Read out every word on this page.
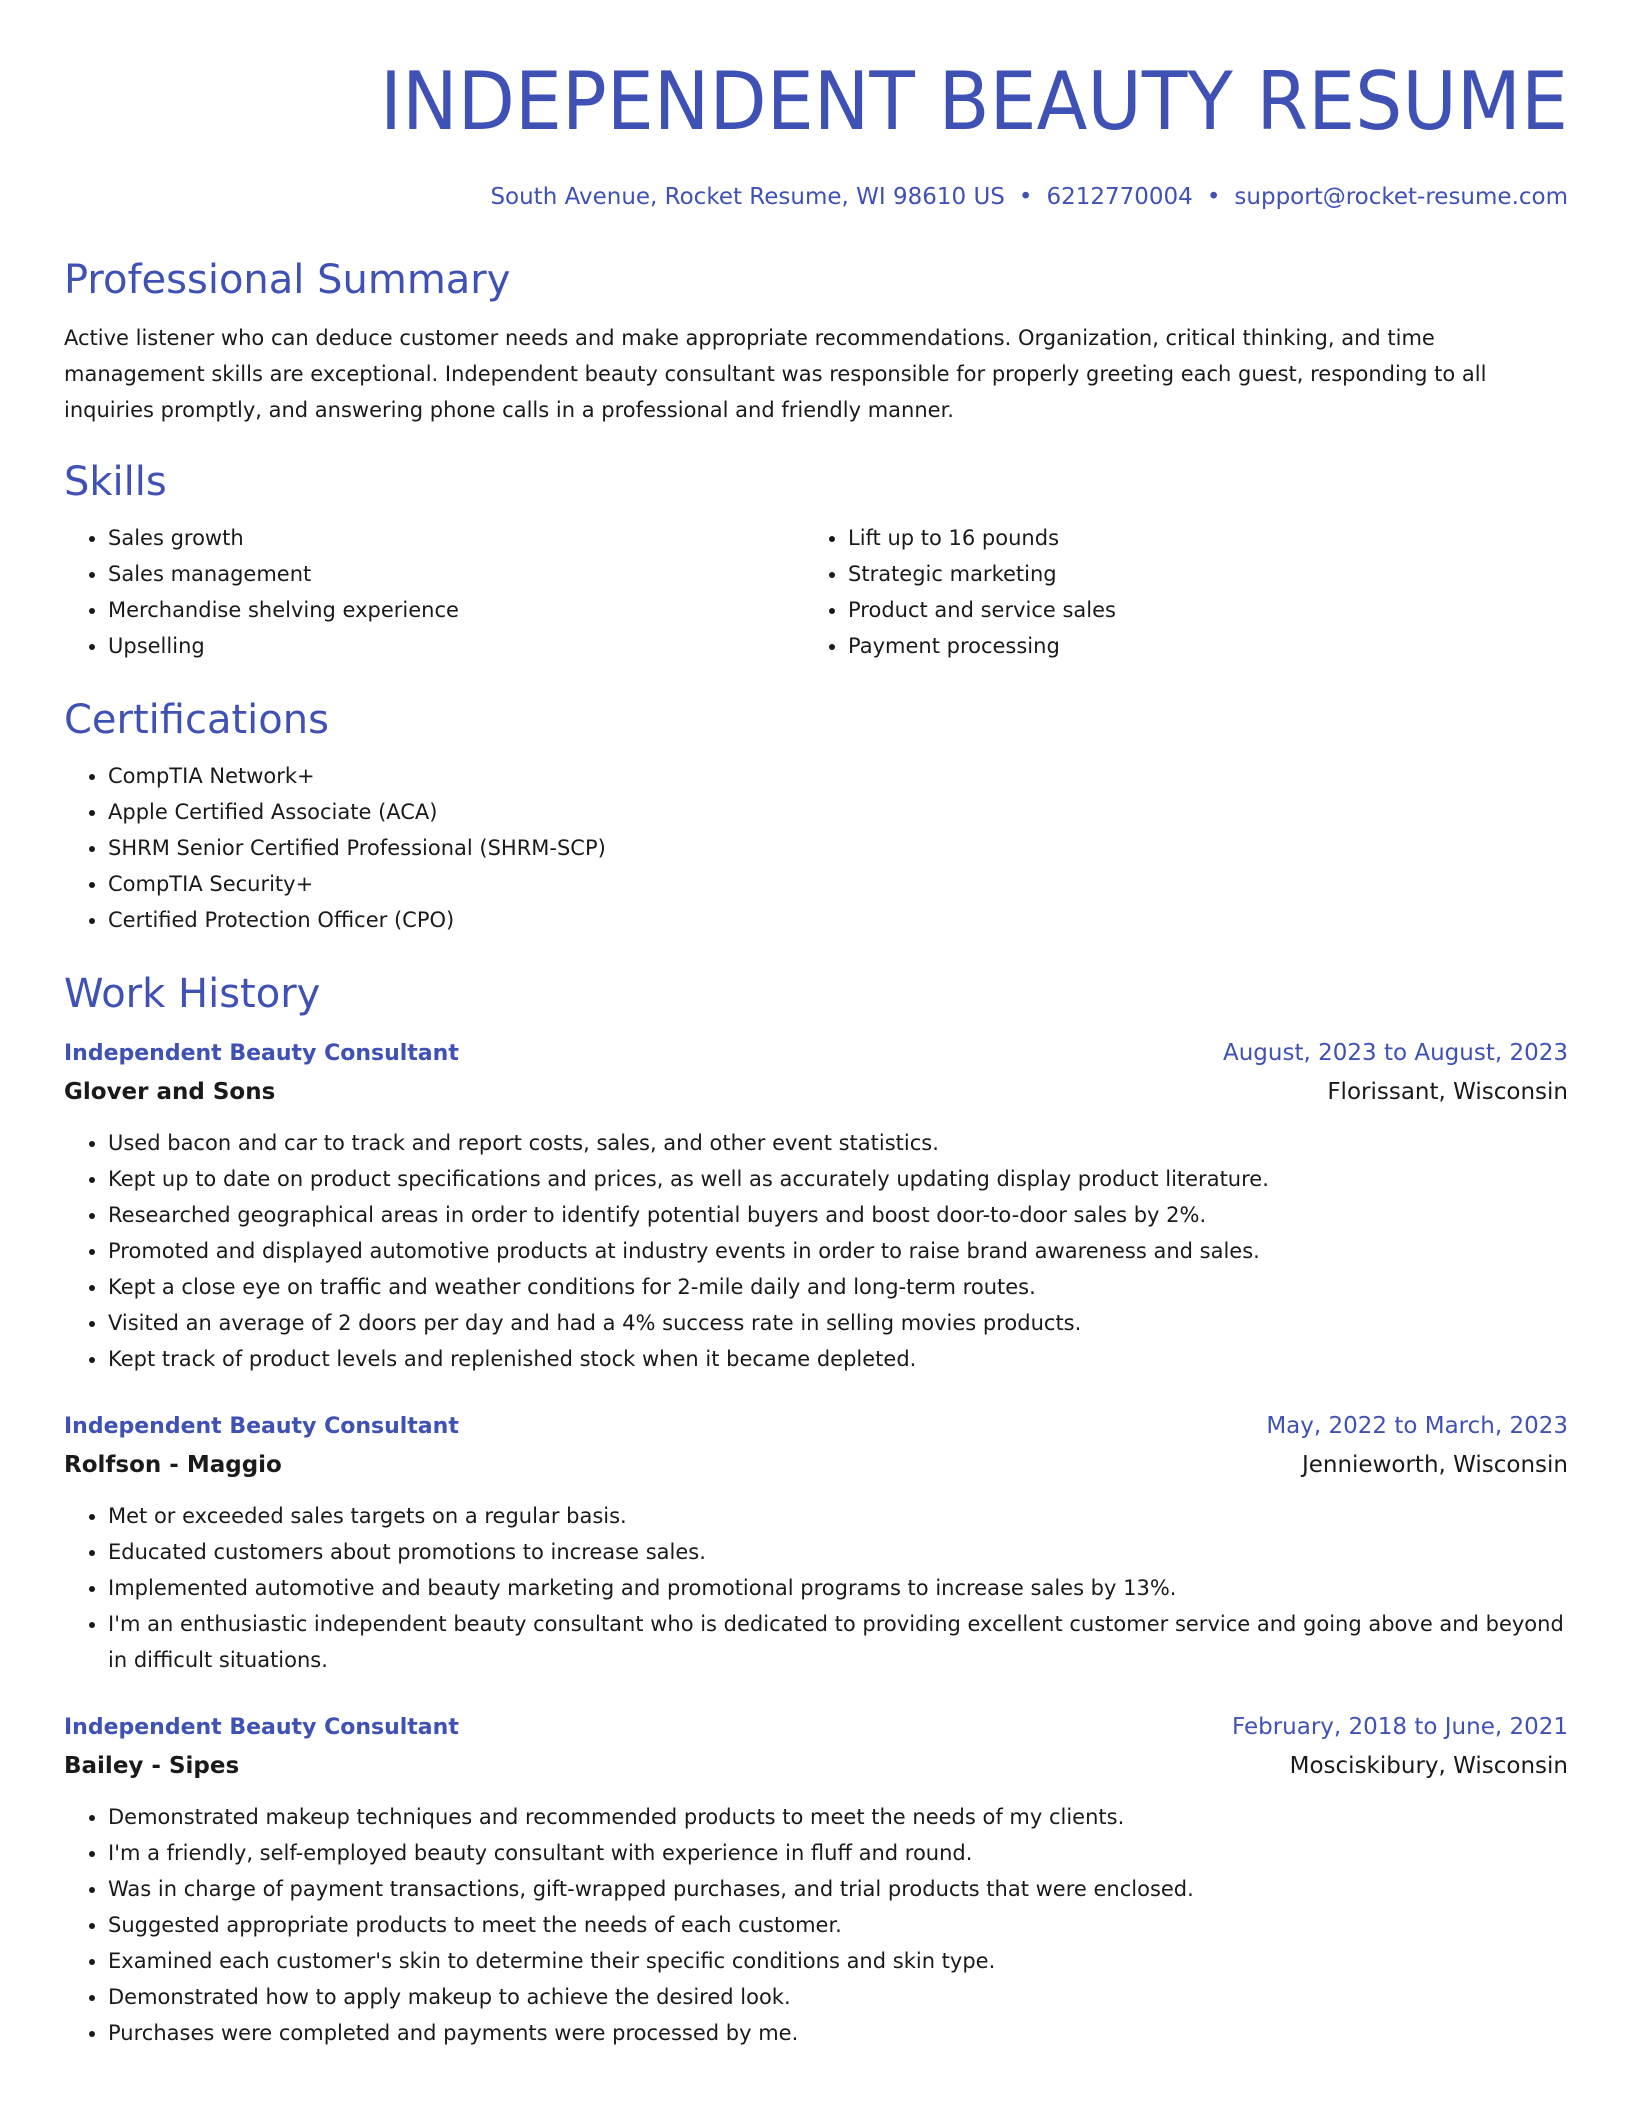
INDEPENDENT BEAUTY RESUME
South Avenue, Rocket Resume, WI 98610 US • 6212770004 • support@rocket-resume.com
Professional Summary
Active listener who can deduce customer needs and make appropriate recommendations. Organization, critical thinking, and time management skills are exceptional. Independent beauty consultant was responsible for properly greeting each guest, responding to all inquiries promptly, and answering phone calls in a professional and friendly manner.
Skills
• Sales growth
• Sales management
• Merchandise shelving experience
• Upselling
• Lift up to 16 pounds
• Strategic marketing
• Product and service sales
• Payment processing
Certifications
• CompTIA Network+
• Apple Certified Associate (ACA)
• SHRM Senior Certified Professional (SHRM-SCP)
• CompTIA Security+
• Certified Protection Officer (CPO)
Work History
Independent Beauty Consultant	August, 2023 to August, 2023
Glover and Sons	Florissant, Wisconsin
• Used bacon and car to track and report costs, sales, and other event statistics.
• Kept up to date on product specifications and prices, as well as accurately updating display product literature.
• Researched geographical areas in order to identify potential buyers and boost door-to-door sales by 2%.
• Promoted and displayed automotive products at industry events in order to raise brand awareness and sales.
• Kept a close eye on traffic and weather conditions for 2-mile daily and long-term routes.
• Visited an average of 2 doors per day and had a 4% success rate in selling movies products.
• Kept track of product levels and replenished stock when it became depleted.
Independent Beauty Consultant	May, 2022 to March, 2023
Rolfson - Maggio	Jennieworth, Wisconsin
• Met or exceeded sales targets on a regular basis.
• Educated customers about promotions to increase sales.
• Implemented automotive and beauty marketing and promotional programs to increase sales by 13%.
• I'm an enthusiastic independent beauty consultant who is dedicated to providing excellent customer service and going above and beyond in difficult situations.
Independent Beauty Consultant	February, 2018 to June, 2021
Bailey - Sipes	Mosciskibury, Wisconsin
• Demonstrated makeup techniques and recommended products to meet the needs of my clients.
• I'm a friendly, self-employed beauty consultant with experience in fluff and round.
• Was in charge of payment transactions, gift-wrapped purchases, and trial products that were enclosed.
• Suggested appropriate products to meet the needs of each customer.
• Examined each customer's skin to determine their specific conditions and skin type.
• Demonstrated how to apply makeup to achieve the desired look.
• Purchases were completed and payments were processed by me.
